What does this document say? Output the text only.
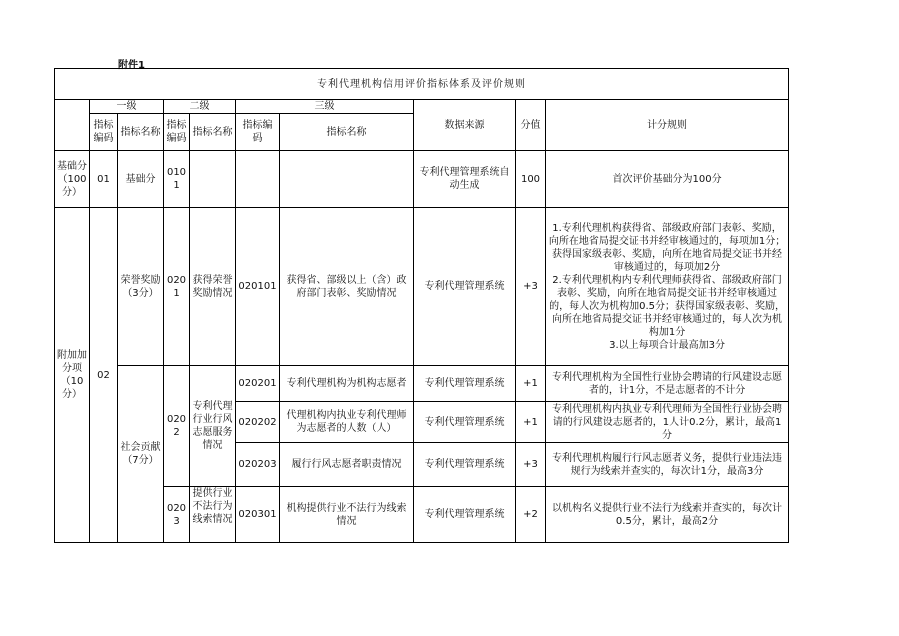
附件1
专利代理机构信用评价指标体系及评价规则									
	一级		二级		三级		数据来源	分值	计分规则
	指标编码	指标名称	指标编码	指标名称	指标编码	指标名称			
基础分（100分）	01	基础分	0101				专利代理管理系统自动生成	100	首次评价基础分为100分
附加加分项（10分）	02	荣誉奖励（3分）	0201	获得荣誉奖励情况	020101	获得省、部级以上（含）政府部门表彰、奖励情况	专利代理管理系统	+3	1.专利代理机构获得省、部级政府部门表彰、奖励，向所在地省局提交证书并经审核通过的，每项加1分；获得国家级表彰、奖励，向所在地省局提交证书并经审核通过的，每项加2分
2.专利代理机构内专利代理师获得省、部级政府部门表彰、奖励，向所在地省局提交证书并经审核通过的，每人次为机构加0.5分；获得国家级表彰、奖励，向所在地省局提交证书并经审核通过的，每人次为机构加1分
3.以上每项合计最高加3分

		社会贡献（7分）	0202	专利代理行业行风志愿服务情况	020201	专利代理机构为机构志愿者	专利代理管理系统	+1	专利代理机构为全国性行业协会聘请的行风建设志愿者的，计1分，不是志愿者的不计分
					020202	代理机构内执业专利代理师为志愿者的人数（人）	专利代理管理系统	+1	专利代理机构内执业专利代理师为全国性行业协会聘请的行风建设志愿者的，1人计0.2分，累计，最高1分
					020203	履行行风志愿者职责情况	专利代理管理系统	+3	专利代理机构履行行风志愿者义务，提供行业违法违规行为线索并查实的，每次计1分，最高3分

			0203	提供行业不法行为线索情况	020301	机构提供行业不法行为线索情况	专利代理管理系统	+2	以机构名义提供行业不法行为线索并查实的，每次计0.5分，累计，最高2分
